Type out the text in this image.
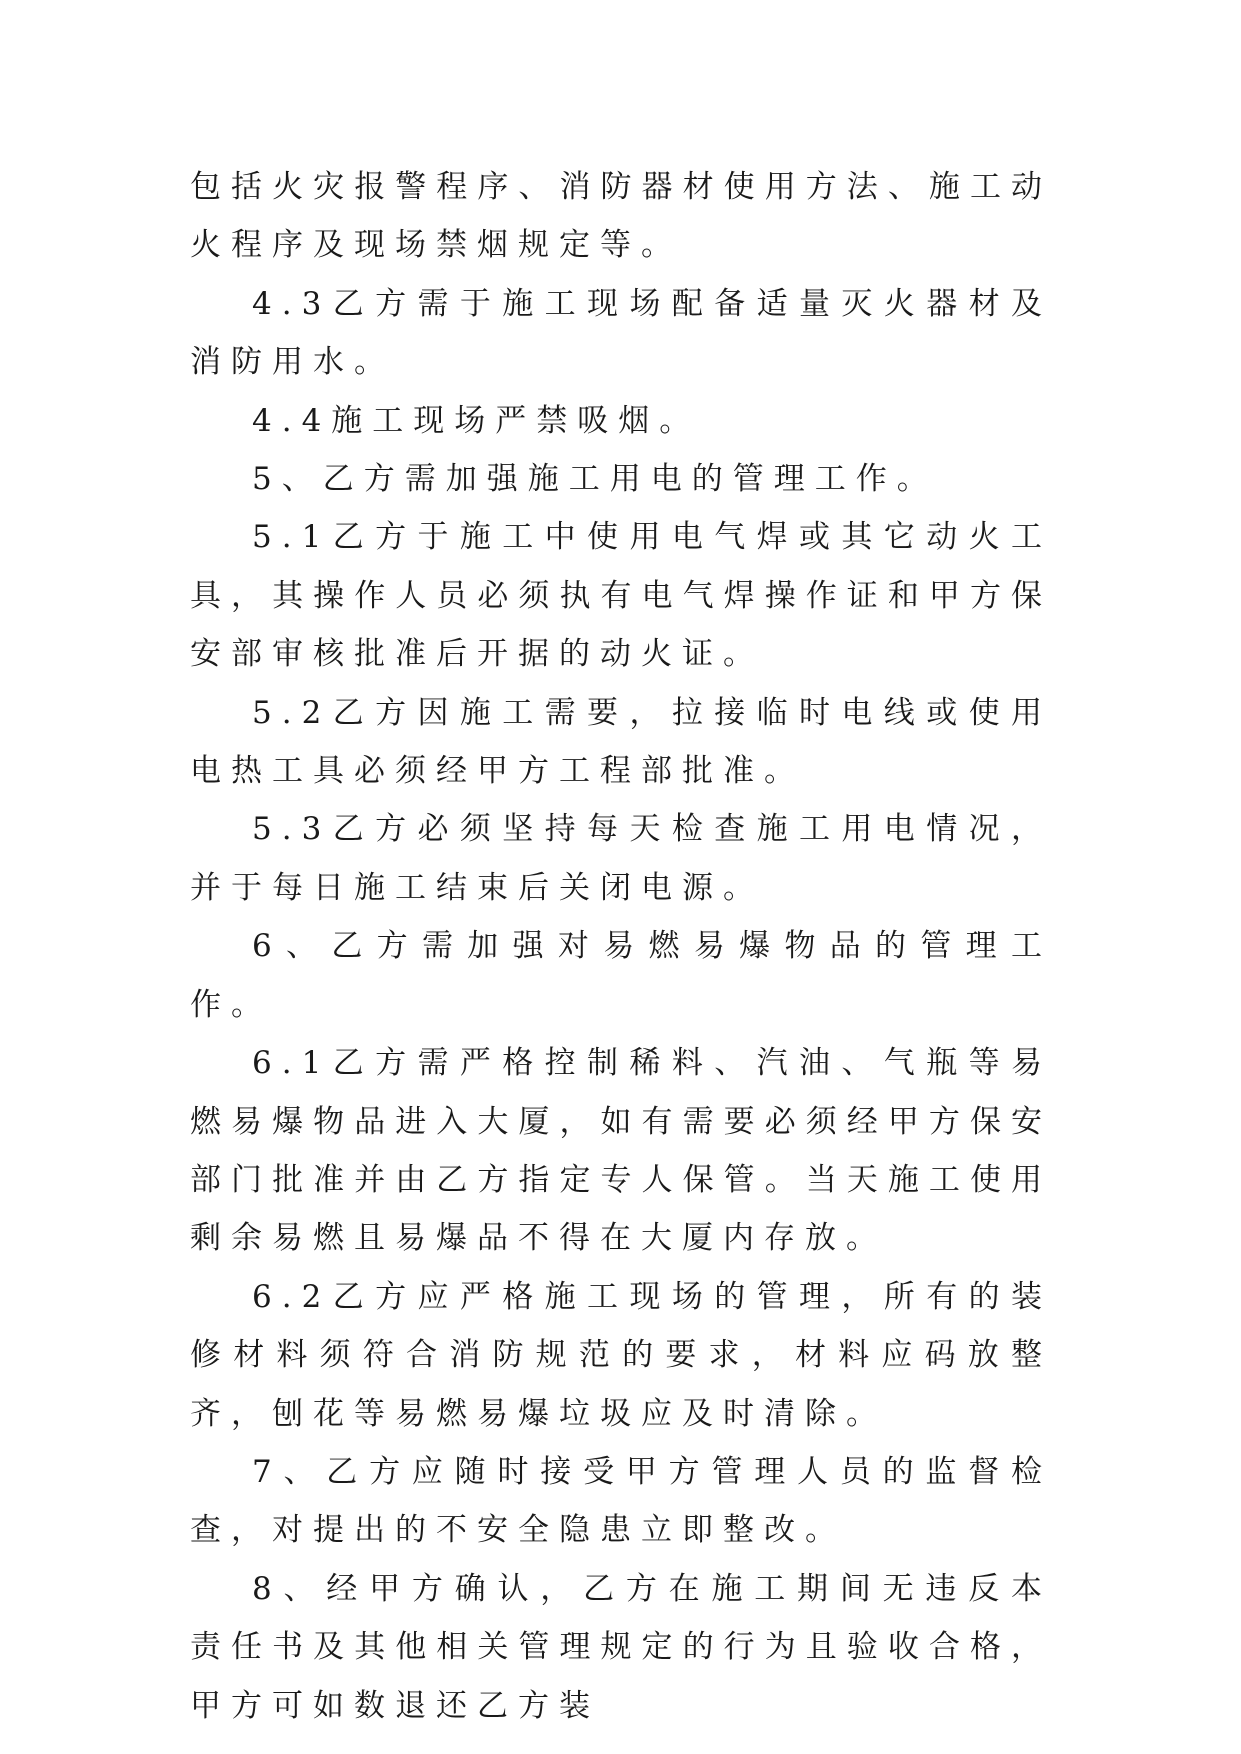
包括火灾报警程序、消防器材使用方法、施工动火程序及现场禁烟规定等。

4.3乙方需于施工现场配备适量灭火器材及消防用水。

4.4施工现场严禁吸烟。

5、乙方需加强施工用电的管理工作。

5.1乙方于施工中使用电气焊或其它动火工具，其操作人员必须执有电气焊操作证和甲方保安部审核批准后开据的动火证。

5.2乙方因施工需要，拉接临时电线或使用电热工具必须经甲方工程部批准。

5.3乙方必须坚持每天检查施工用电情况，并于每日施工结束后关闭电源。

6、乙方需加强对易燃易爆物品的管理工作。

6.1乙方需严格控制稀料、汽油、气瓶等易燃易爆物品进入大厦，如有需要必须经甲方保安部门批准并由乙方指定专人保管。当天施工使用剩余易燃且易爆品不得在大厦内存放。

6.2乙方应严格施工现场的管理，所有的装修材料须符合消防规范的要求，材料应码放整齐，刨花等易燃易爆垃圾应及时清除。

7、乙方应随时接受甲方管理人员的监督检查，对提出的不安全隐患立即整改。

8、经甲方确认，乙方在施工期间无违反本责任书及其他相关管理规定的行为且验收合格，甲方可如数退还乙方装
